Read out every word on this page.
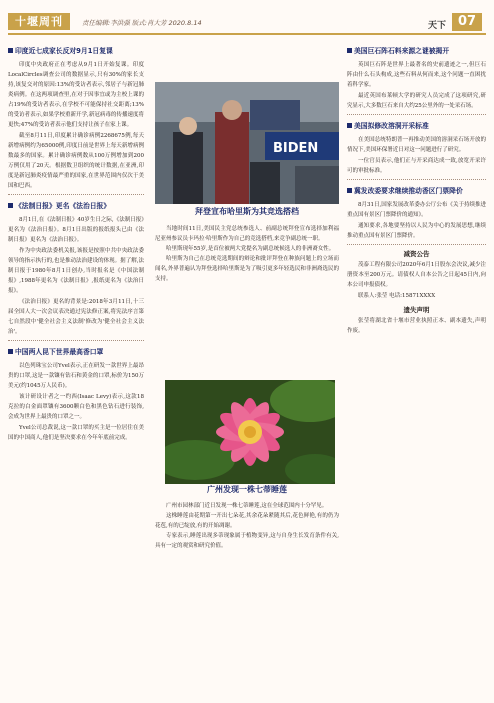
十堰周刊	责任编辑:李洪强 版式:肖大芳 2020.8.14	天下 07
印度近七成家长反对9月1日复课

印度中央政府正在考虑从9月1日开始复课。印度LocalCircles调查公司的数据显示,只有30%的家长支持,该复交对的原因:13%的受访者表示,邻居子与新冠肺炎病例。在这两项调查里,在对于因事宜或为主校上课的占19%的受访者表示,在学校不可能保持社交距离;13%的受访者表示,如果学校重新开学,新冠病毒的传播速度将更快;47%的受访者表示他们支持让孩子在家上课。

截至8月11日,印度累计确诊病例2268675例,每天新增病例约为65000例,印度日前是世界上每天新增病例数最多的国家。累计确诊病例数从100万例增加到200万例仅用了20天。根据数卫组织的统计数据,在亚洲,印度是新冠肺炎疫情最严重的国家,在世界范围内仅次于美国和巴西。

《法制日报》更名《法治日报》

8月1日,在《法制日报》40岁生日之际,《法制日报》更名为《法治日报》。8月1日出版的报纸报头已由《法制日报》更名为《法治日报》。

作为中央政法委机关报,该报是按照中共中央政法委领导的指示执行的,也是推动法治建设的体现。据了解,法制日报于1980年8月1日创办,当时报名是《中国法制报》,1988年更名为《法制日报》,报纸更名为《法治日报》。

《法治日报》更名的背景是:2018年3月11日,十三届全国人大一次会议表决通过宪法修正案,将宪法序言第七自然段中'健全社会主义法制'修改为'健全社会主义法治'。

中国两人昆下世界最高香口罩

以色列珠宝公司Yvel表示,正在研发一款世界上最昂贵的口罩,这是一款镶有钻石和黄金的口罩,标价为150万美元(约1045万人民币)。

该计研设计者之一约西(Isaac Levy)表示,这款18克拉的白金面罩镶有3600颗白色和黑色钻石进行装饰,会成为世界上最贵的口罩之一。

Yvel公司总裁说,这一款口罩的买主是一位居住在美国的中国商人,他们是坚决要求在今年年底前完成。

BIDEN
拜登宣布哈里斯为其竞选搭档

当地时间11日,美国民主党总统参选人、前副总统拜登宣布选择加利福尼亚州参议员卡玛拉·哈里斯作为自己的竞选搭档,来竞争副总统一职。

哈里斯现年55岁,是首位被两大党提名为副总统候选人的非洲裔女性。

哈里斯为自己在总统竞选期间的辩论和批评拜登在种族问题上的立场而闻名,外界普遍认为拜登选择哈里斯是为了吸引更多年轻选民和非洲裔选民的支持。

广州发现一株七蒂睡莲

广州市园林部门近日发现一株七蒂睡莲,这在全球范围内十分罕见。

这株睡莲由花期第一开出七朵花,其余花朵紧随其后,花色鲜艳,有的仍为花苞,有的已绽放,有的开始凋谢。

专家表示,睡莲出现多蒂现象属于植物变异,这与自身生长发育条件有关,具有一定的观赏和研究价值。

美国巨石阵石料来源之谜被揭开

英国巨石阵是世界上最著名的史前遗迹之一,但巨石阵由什么石头构成,这些石料从何而来,这个问题一直困扰着科学家。

最近英国布莱顿大学的研究人员完成了这项研究,研究显示,大多数巨石来自大约25公里外的一处采石场。

美国拟修改溶洞开采标准

在美国总统特朗普一再推动美国的溶洞采石场开放的情况下,美国环保署近日对这一问题进行了研究。

一位官员表示,他们正与开采商达成一致,放宽开采许可的审批标准。

冀发改委要求继续推动香区门票降价

8月31日,国家发展改革委办公厅公布《关于持续推进重点国有景区门票降价的通知》。

通知要求,各地要坚持以人民为中心的发展思想,继续推动重点国有景区门票降价。

减资公告

茂泰工程有限公司2020年6月1日股东会决议,减少注册资本至200万元。请债权人自本公告之日起45日内,向本公司申报债权。

联系人:张莹 电话:15871XXXX

遗失声明

张莹将湖北省十堰市营业执照正本、副本遗失,声明作废。
